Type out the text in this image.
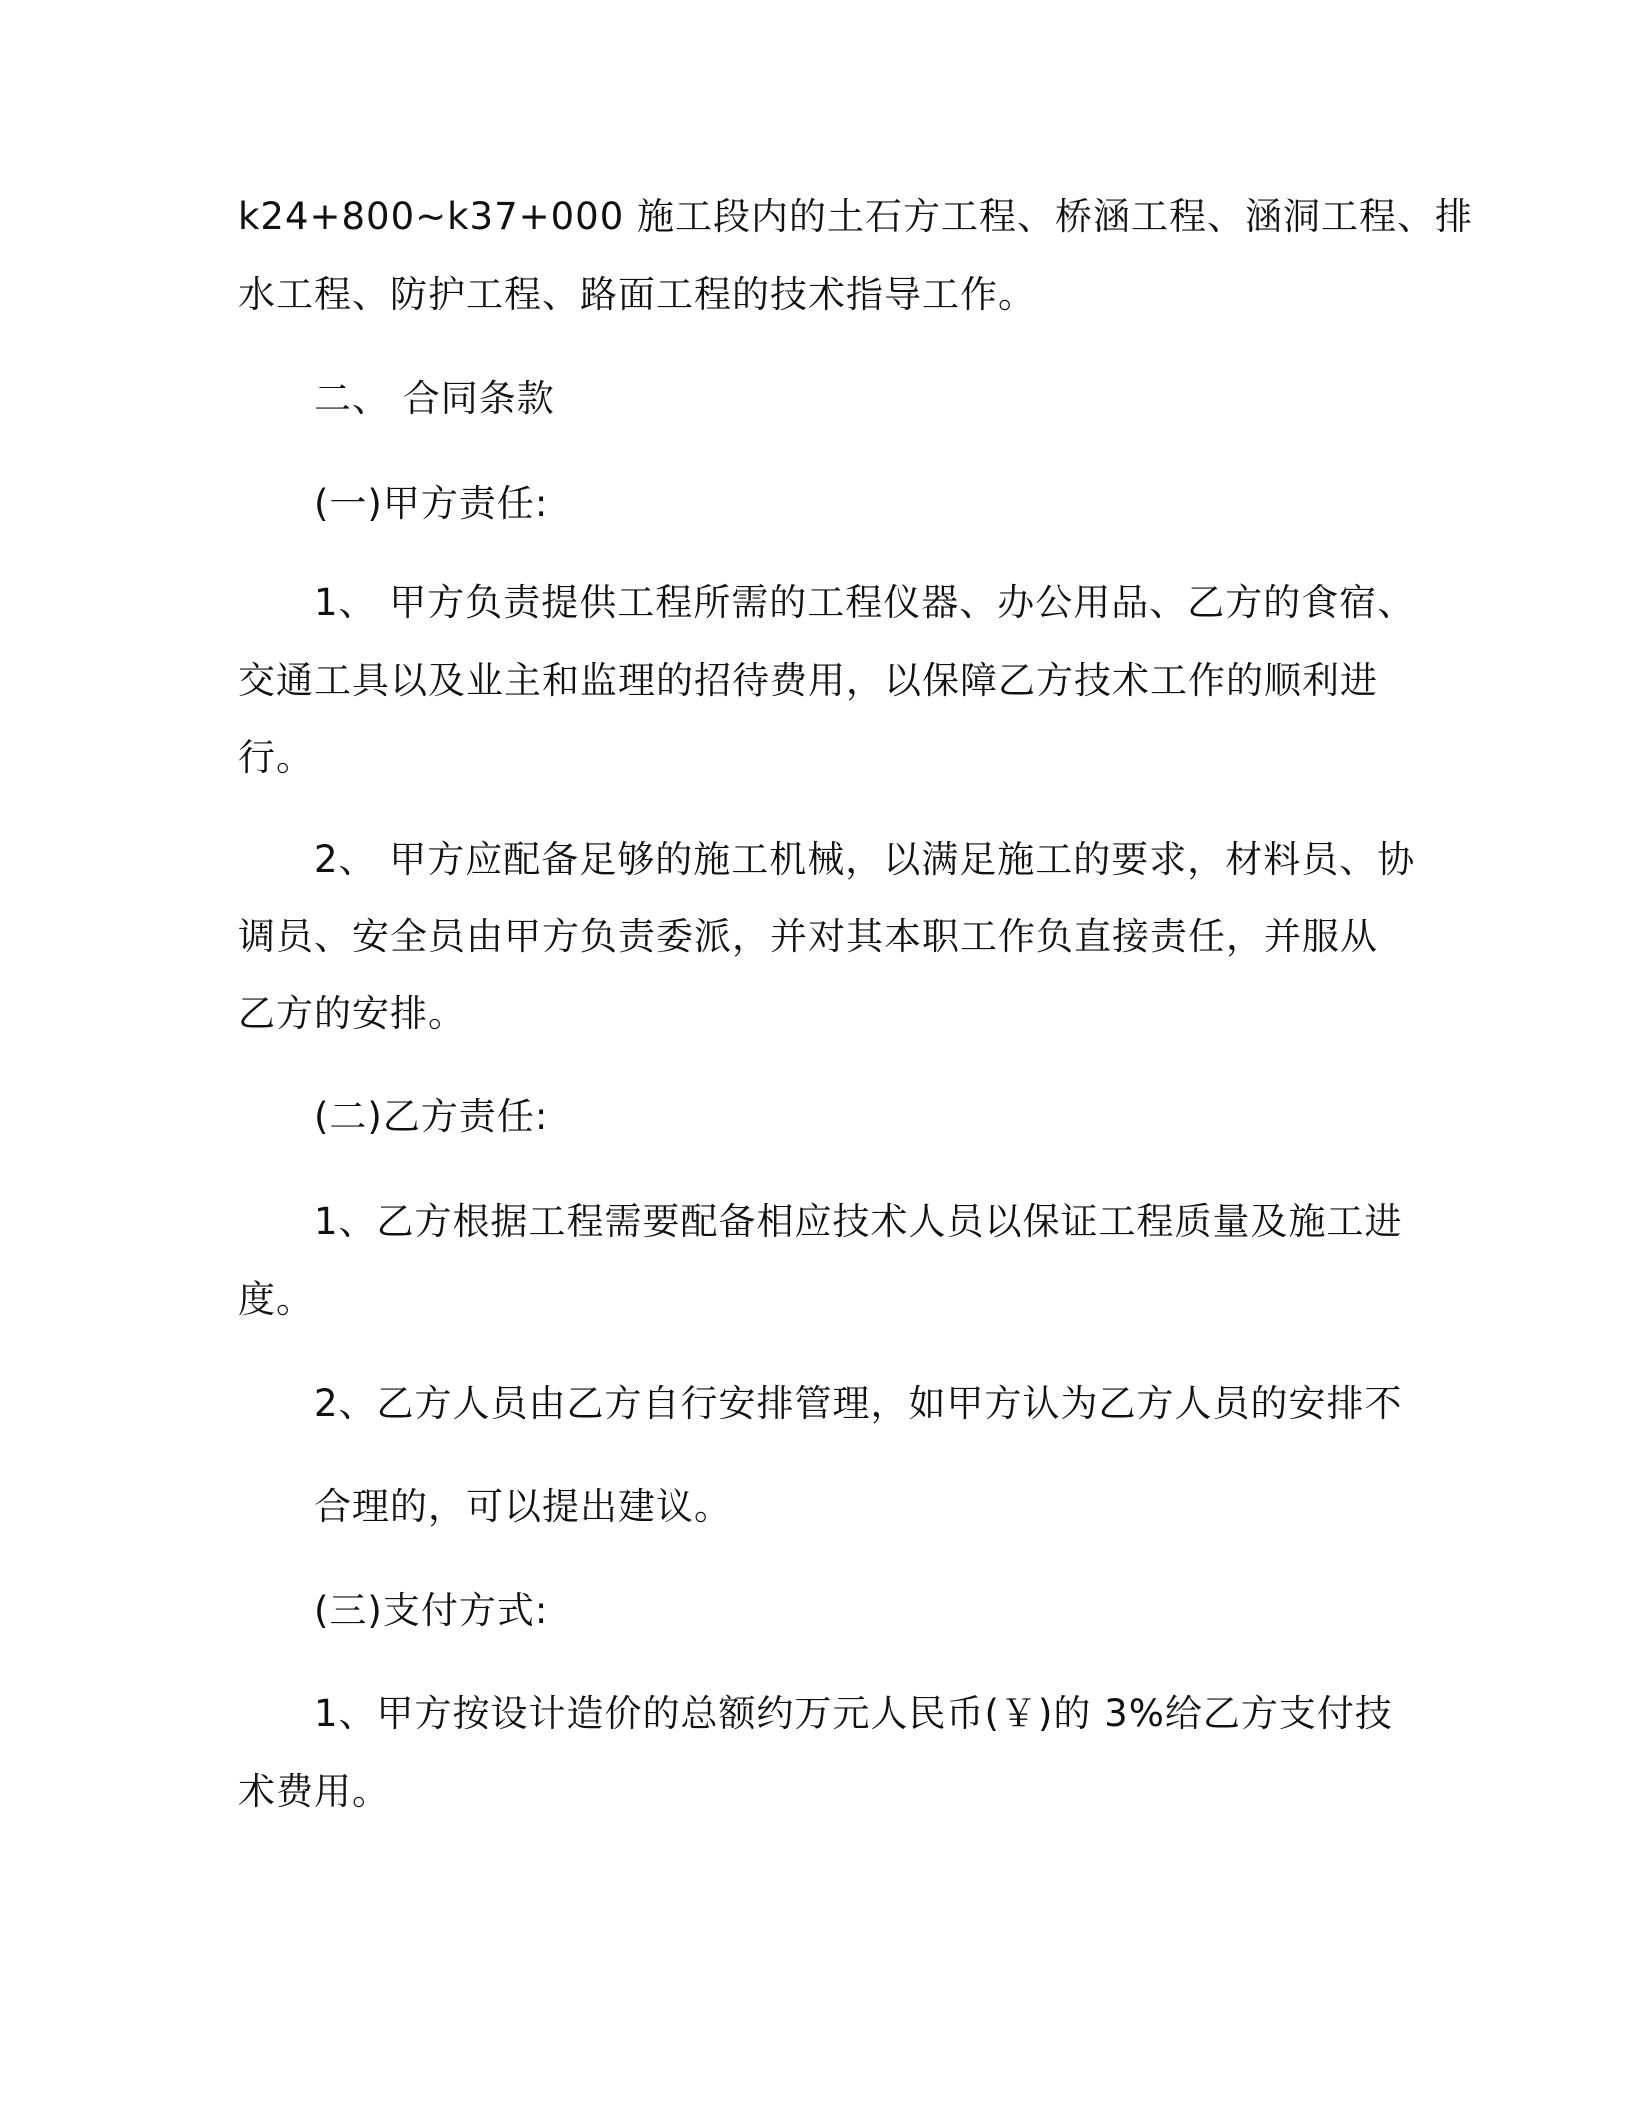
k24+800~k37+000 施工段内的土石方工程、桥涵工程、涵洞工程、排

水工程、防护工程、路面工程的技术指导工作。

二、 合同条款

(一)甲方责任:

1、 甲方负责提供工程所需的工程仪器、办公用品、乙方的食宿、

交通工具以及业主和监理的招待费用，以保障乙方技术工作的顺利进

行。

2、 甲方应配备足够的施工机械，以满足施工的要求，材料员、协

调员、安全员由甲方负责委派，并对其本职工作负直接责任，并服从

乙方的安排。

(二)乙方责任:

1、乙方根据工程需要配备相应技术人员以保证工程质量及施工进

度。

2、乙方人员由乙方自行安排管理，如甲方认为乙方人员的安排不

合理的，可以提出建议。

(三)支付方式:

1、甲方按设计造价的总额约万元人民币(￥)的 3%给乙方支付技

术费用。
